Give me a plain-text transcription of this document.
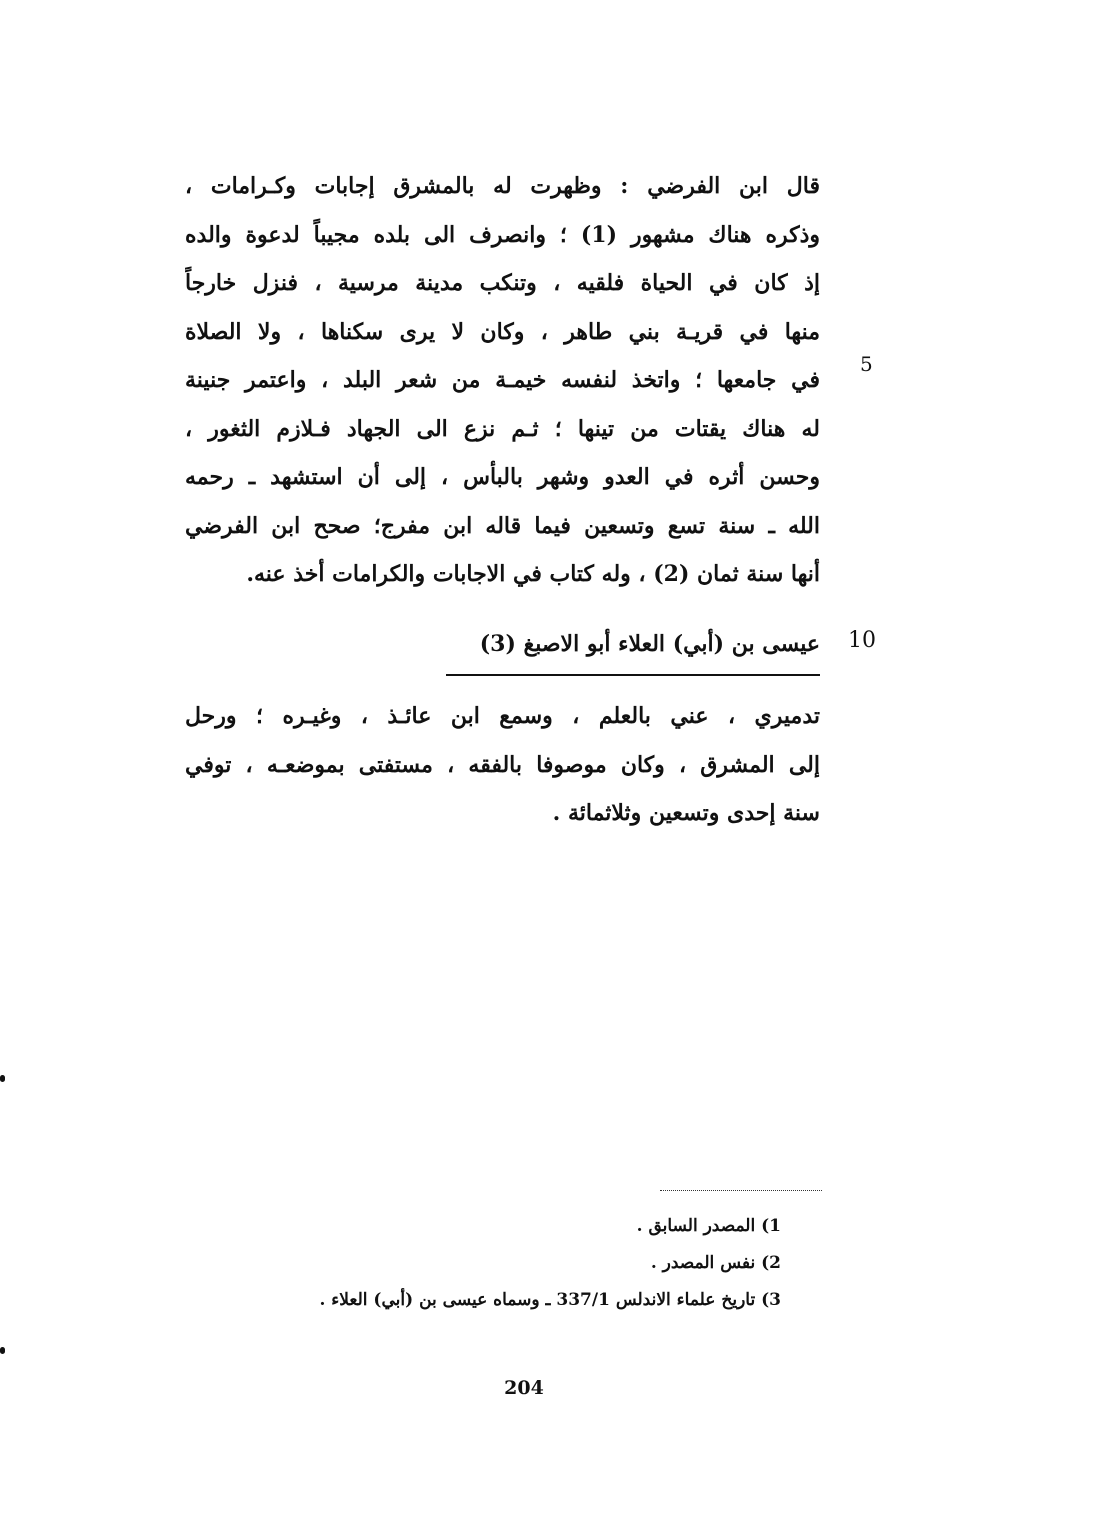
قال ابن الفرضي : وظهرت له بالمشرق إجابات وكـرامات ،
وذكره هناك مشهور (1) ؛ وانصرف الى بلده مجيباً لدعوة والده
إذ كان في الحياة فلقيه ، وتنكب مدينة مرسية ، فنزل خارجاً
منها في قريـة بني طاهر ، وكان لا يرى سكناها ، ولا الصلاة
في جامعها ؛ واتخذ لنفسه خيمـة من شعر البلد ، واعتمر جنينة
له هناك يقتات من تينها ؛ ثـم نزع الى الجهاد فـلازم الثغور ،
وحسن أثره في العدو وشهر بالبأس ، إلى أن استشهد ـ رحمه
الله ـ سنة تسع وتسعين فيما قاله ابن مفرج؛ صحح ابن الفرضي
أنها سنة ثمان (2) ، وله كتاب في الاجابات والكرامات أخذ عنه.
5
10
عيسى بن (أبي) العلاء أبو الاصبغ (3)
تدميري ، عني بالعلم ، وسمع ابن عائـذ ، وغيـره ؛ ورحل
إلى المشرق ، وكان موصوفا بالفقه ، مستفتى بموضعـه ، توفي
سنة إحدى وتسعين وثلاثمائة .
1) المصدر السابق .
2) نفس المصدر .
3) تاريخ علماء الاندلس 337/1 ـ وسماه عيسى بن (أبي) العلاء .
204
